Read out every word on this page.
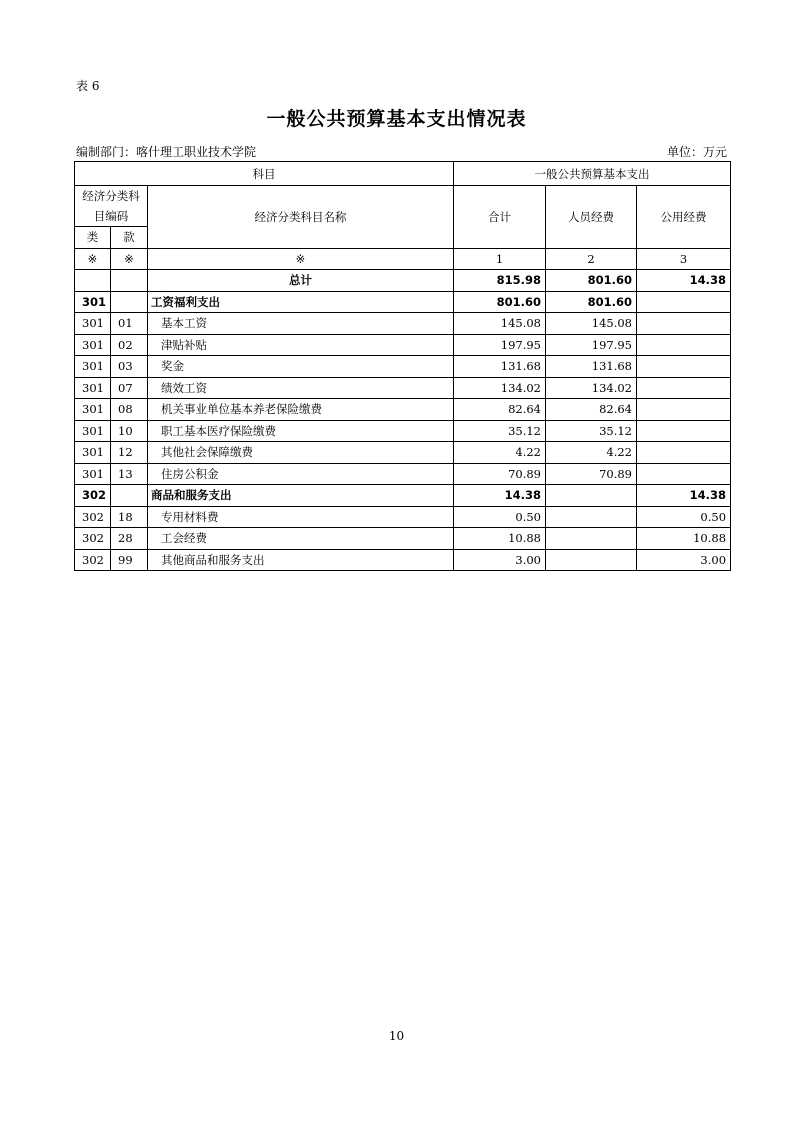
表 6
一般公共预算基本支出情况表
编制部门：喀什理工职业技术学院	单位：万元
科目			一般公共预算基本支出		
经济分类科目编码		经济分类科目名称	合计	人员经费	公用经费
类	款				
※	※	※	1	2	3
		总计	815.98	801.60	14.38
301		工资福利支出	801.60	801.60	
301	01	基本工资	145.08	145.08	
301	02	津贴补贴	197.95	197.95	
301	03	奖金	131.68	131.68	
301	07	绩效工资	134.02	134.02	
301	08	机关事业单位基本养老保险缴费	82.64	82.64	
301	10	职工基本医疗保险缴费	35.12	35.12	
301	12	其他社会保障缴费	4.22	4.22	
301	13	住房公积金	70.89	70.89	
302		商品和服务支出	14.38		14.38
302	18	专用材料费	0.50		0.50
302	28	工会经费	10.88		10.88
302	99	其他商品和服务支出	3.00		3.00
10
